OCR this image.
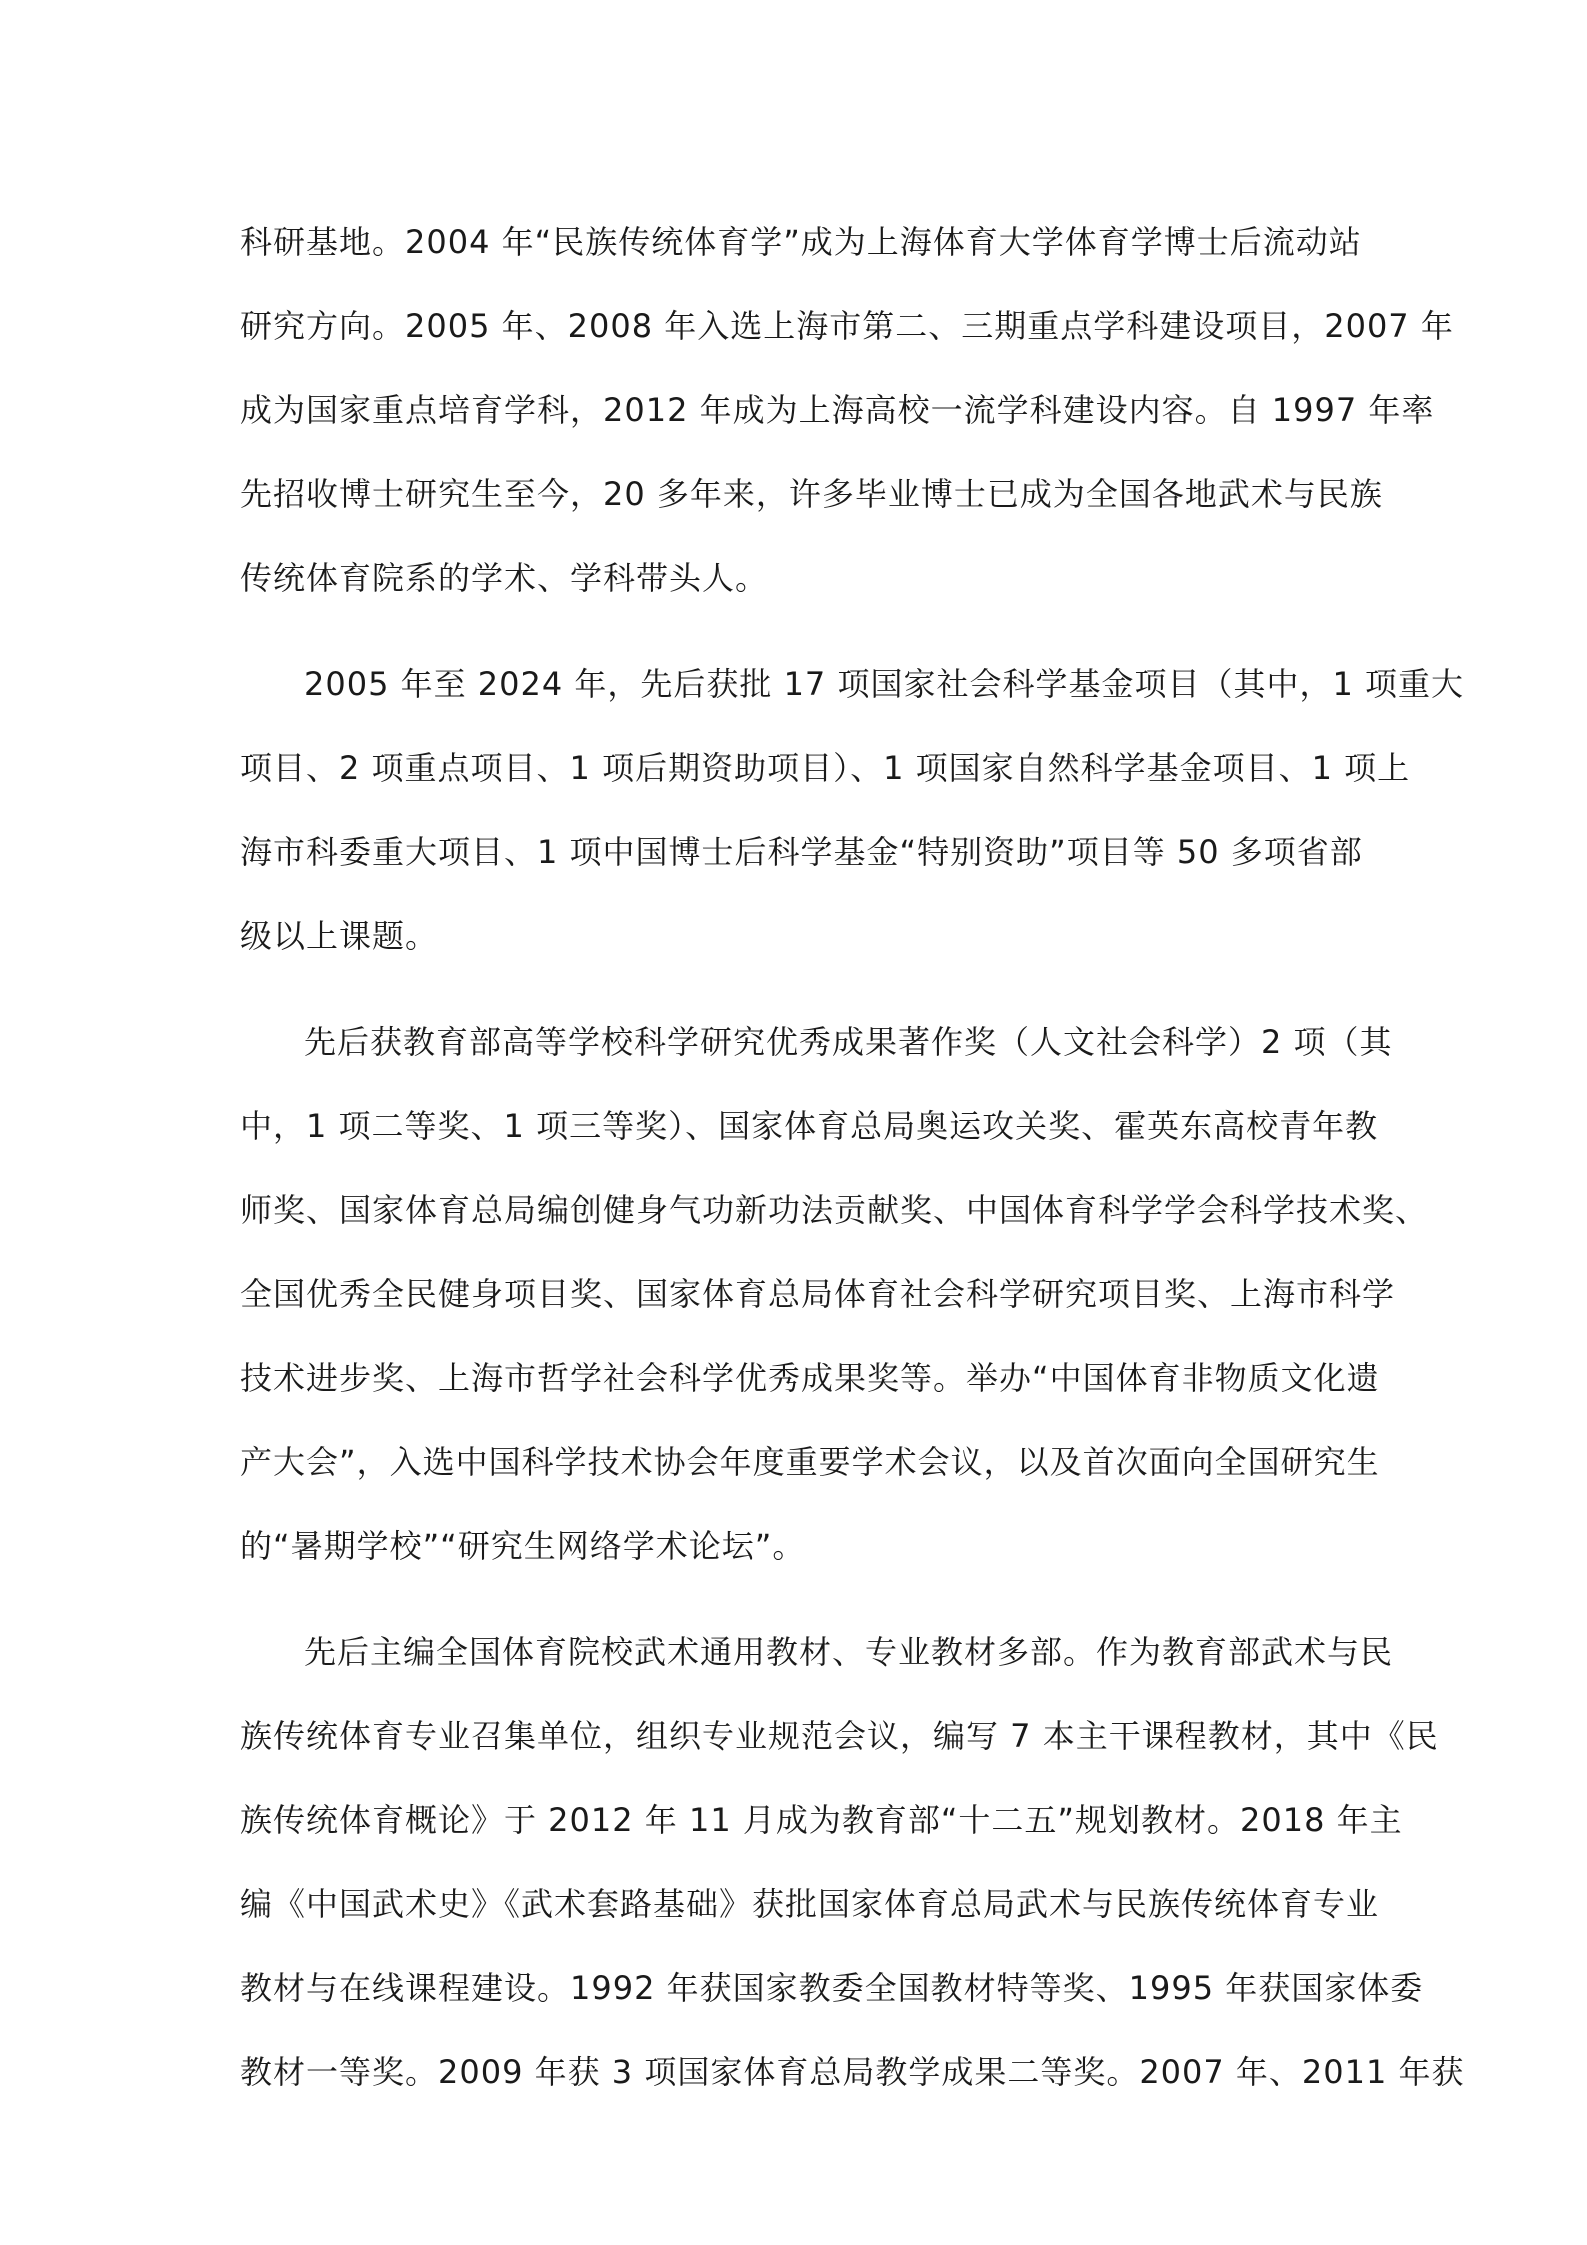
科研基地。2004 年“民族传统体育学”成为上海体育大学体育学博士后流动站
研究方向。2005 年、2008 年入选上海市第二、三期重点学科建设项目，2007 年
成为国家重点培育学科，2012 年成为上海高校一流学科建设内容。自 1997 年率
先招收博士研究生至今，20 多年来，许多毕业博士已成为全国各地武术与民族
传统体育院系的学术、学科带头人。
2005 年至 2024 年，先后获批 17 项国家社会科学基金项目（其中，1 项重大
项目、2 项重点项目、1 项后期资助项目）、1 项国家自然科学基金项目、1 项上
海市科委重大项目、1 项中国博士后科学基金“特别资助”项目等 50 多项省部
级以上课题。
先后获教育部高等学校科学研究优秀成果著作奖（人文社会科学）2 项（其
中，1 项二等奖、1 项三等奖）、国家体育总局奥运攻关奖、霍英东高校青年教
师奖、国家体育总局编创健身气功新功法贡献奖、中国体育科学学会科学技术奖、
全国优秀全民健身项目奖、国家体育总局体育社会科学研究项目奖、上海市科学
技术进步奖、上海市哲学社会科学优秀成果奖等。举办“中国体育非物质文化遗
产大会”，入选中国科学技术协会年度重要学术会议，以及首次面向全国研究生
的“暑期学校”“研究生网络学术论坛”。
先后主编全国体育院校武术通用教材、专业教材多部。作为教育部武术与民
族传统体育专业召集单位，组织专业规范会议，编写 7 本主干课程教材，其中《民
族传统体育概论》于 2012 年 11 月成为教育部“十二五”规划教材。2018 年主
编《中国武术史》《武术套路基础》获批国家体育总局武术与民族传统体育专业
教材与在线课程建设。1992 年获国家教委全国教材特等奖、1995 年获国家体委
教材一等奖。2009 年获 3 项国家体育总局教学成果二等奖。2007 年、2011 年获
